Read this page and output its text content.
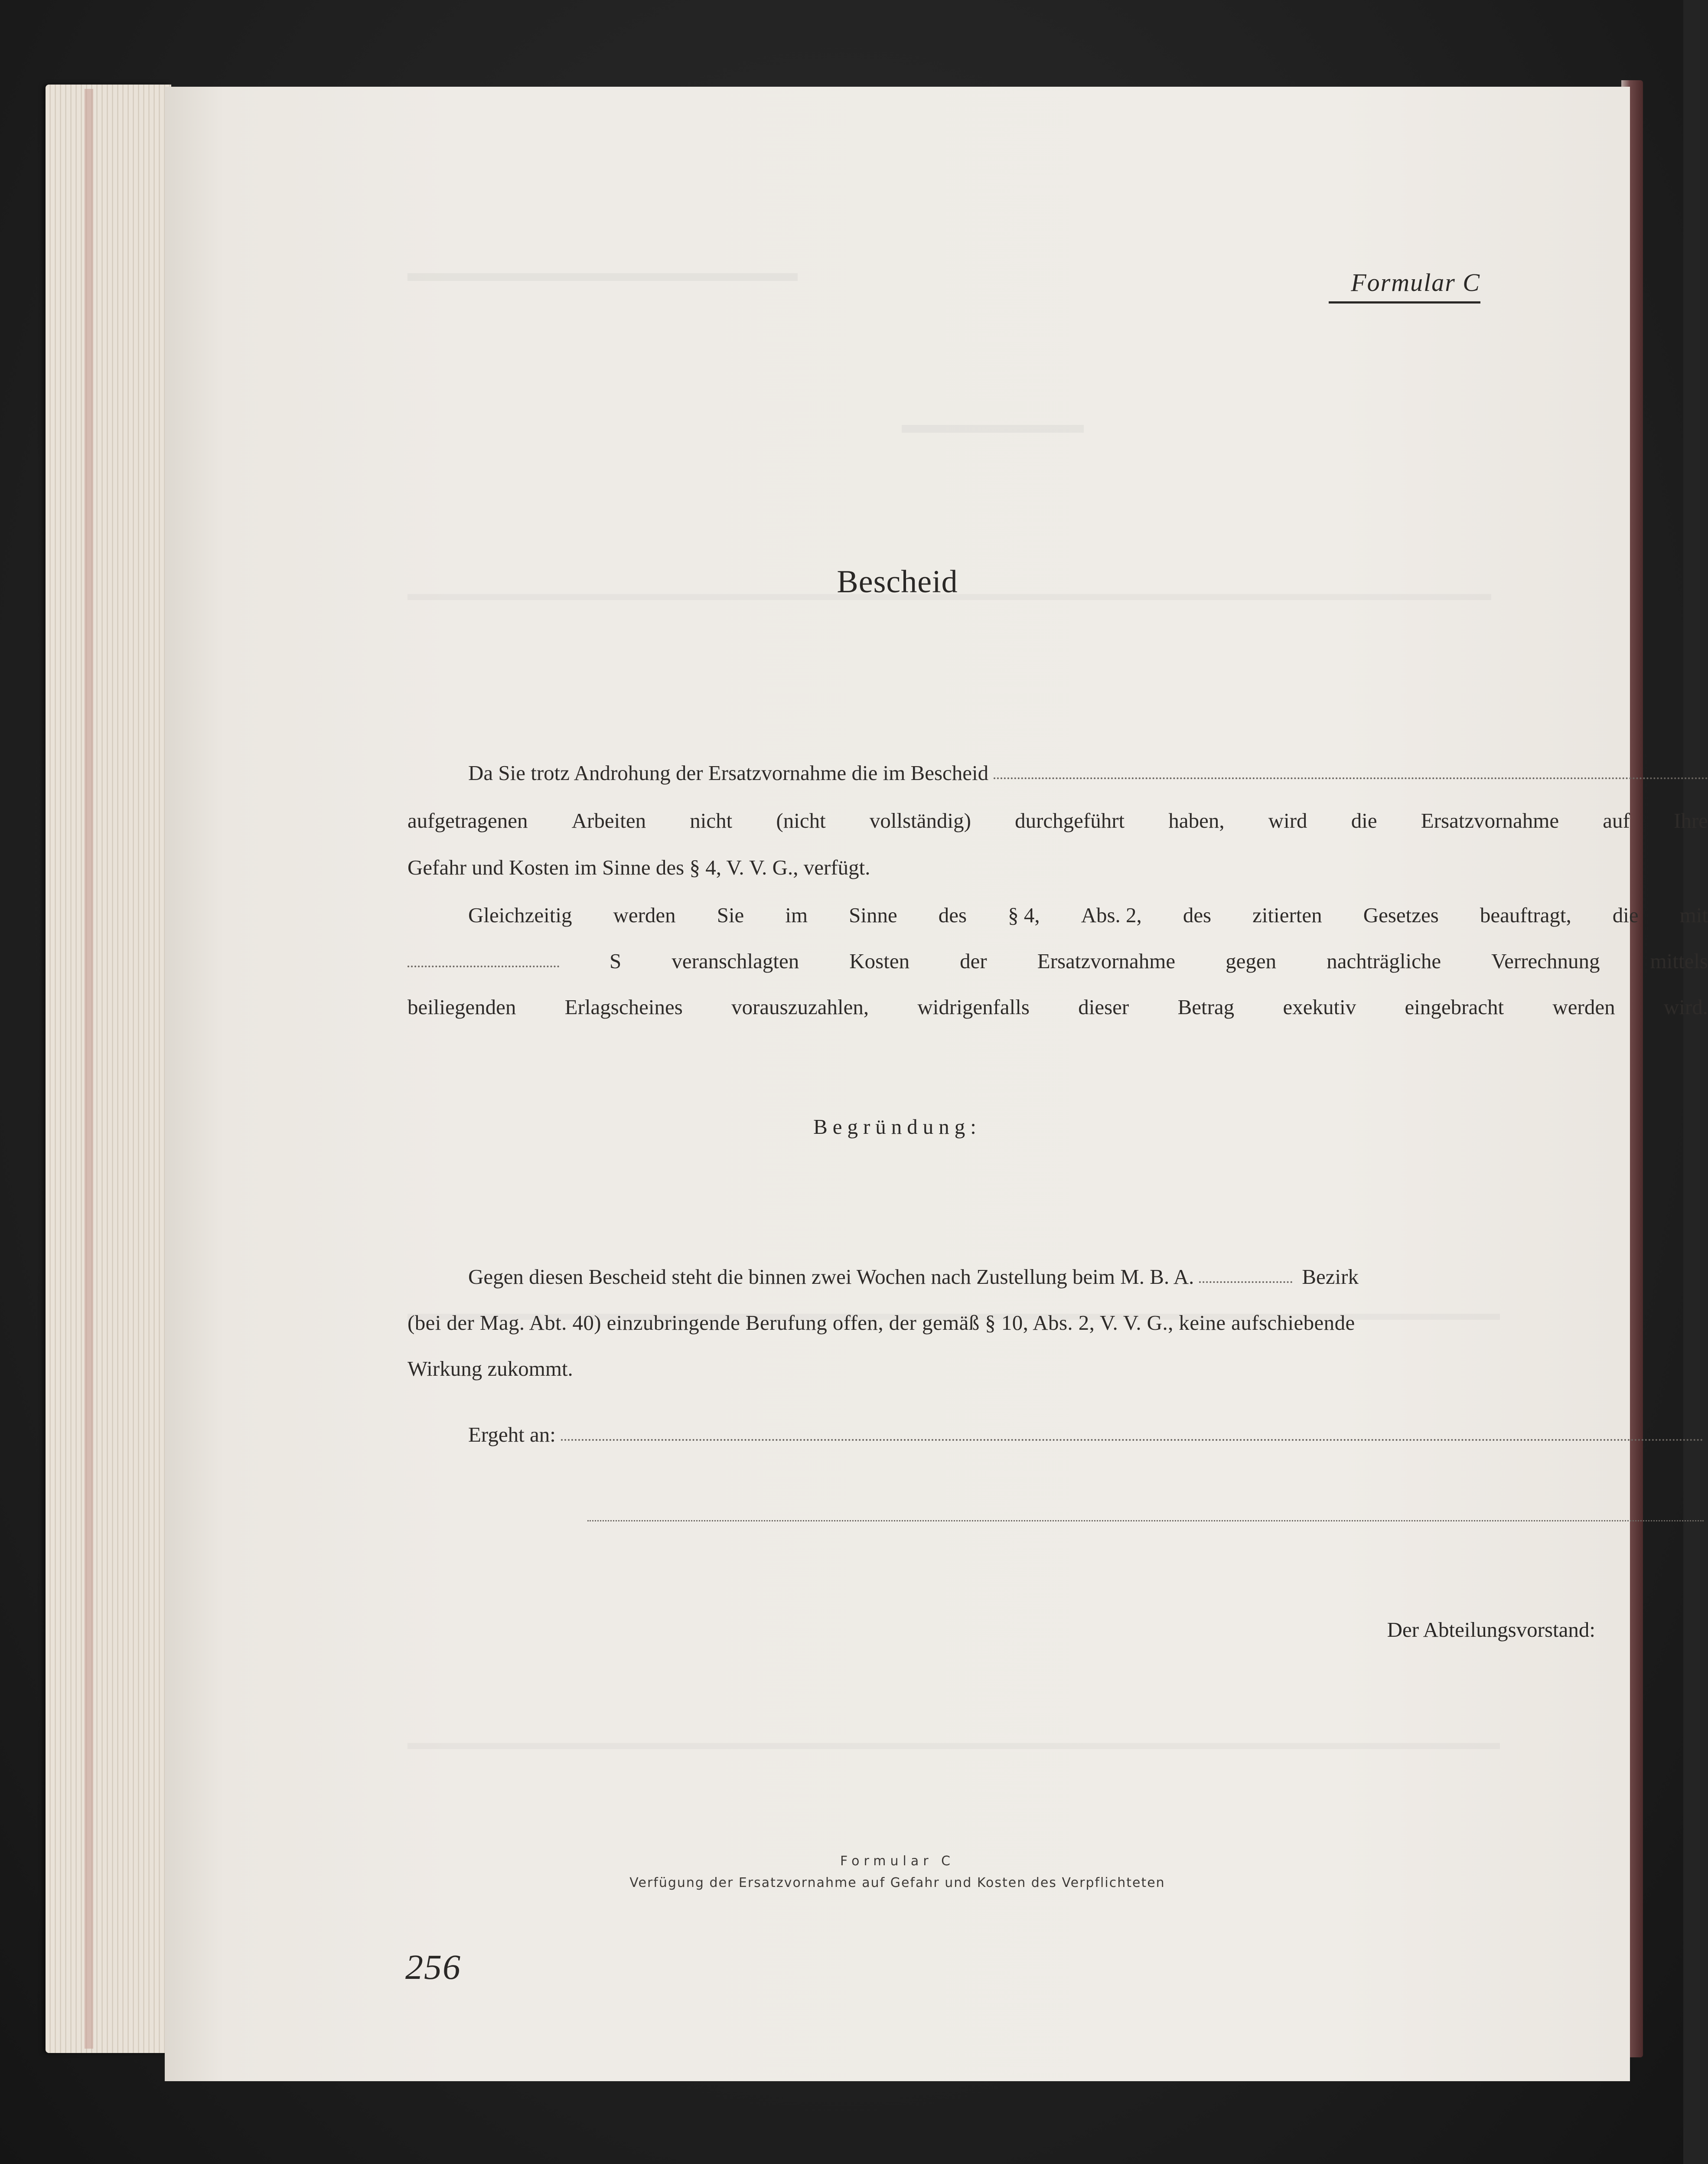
Formular C

Bescheid

Da Sie trotz Androhung der Ersatzvornahme die im Bescheid
aufgetragenen Arbeiten nicht (nicht vollständig) durchgeführt haben, wird die Ersatzvornahme auf Ihre

Gefahr und Kosten im Sinne des § 4, V. V. G., verfügt.

Gleichzeitig werden Sie im Sinne des § 4, Abs. 2, des zitierten Gesetzes beauftragt, die mit
S veranschlagten Kosten der Ersatzvornahme gegen nachträgliche Verrechnung mittels
beiliegenden Erlagscheines vorauszuzahlen, widrigenfalls dieser Betrag exekutiv eingebracht werden wird.

Begründung:

Gegen diesen Bescheid steht die binnen zwei Wochen nach Zustellung beim M. B. A.	Bezirk

(bei der Mag. Abt. 40) einzubringende Berufung offen, der gemäß § 10, Abs. 2, V. V. G., keine aufschiebende

Wirkung zukommt.

Ergeht an:

Der Abteilungsvorstand:

Formular C

Verfügung der Ersatzvornahme auf Gefahr und Kosten des Verpflichteten

256
